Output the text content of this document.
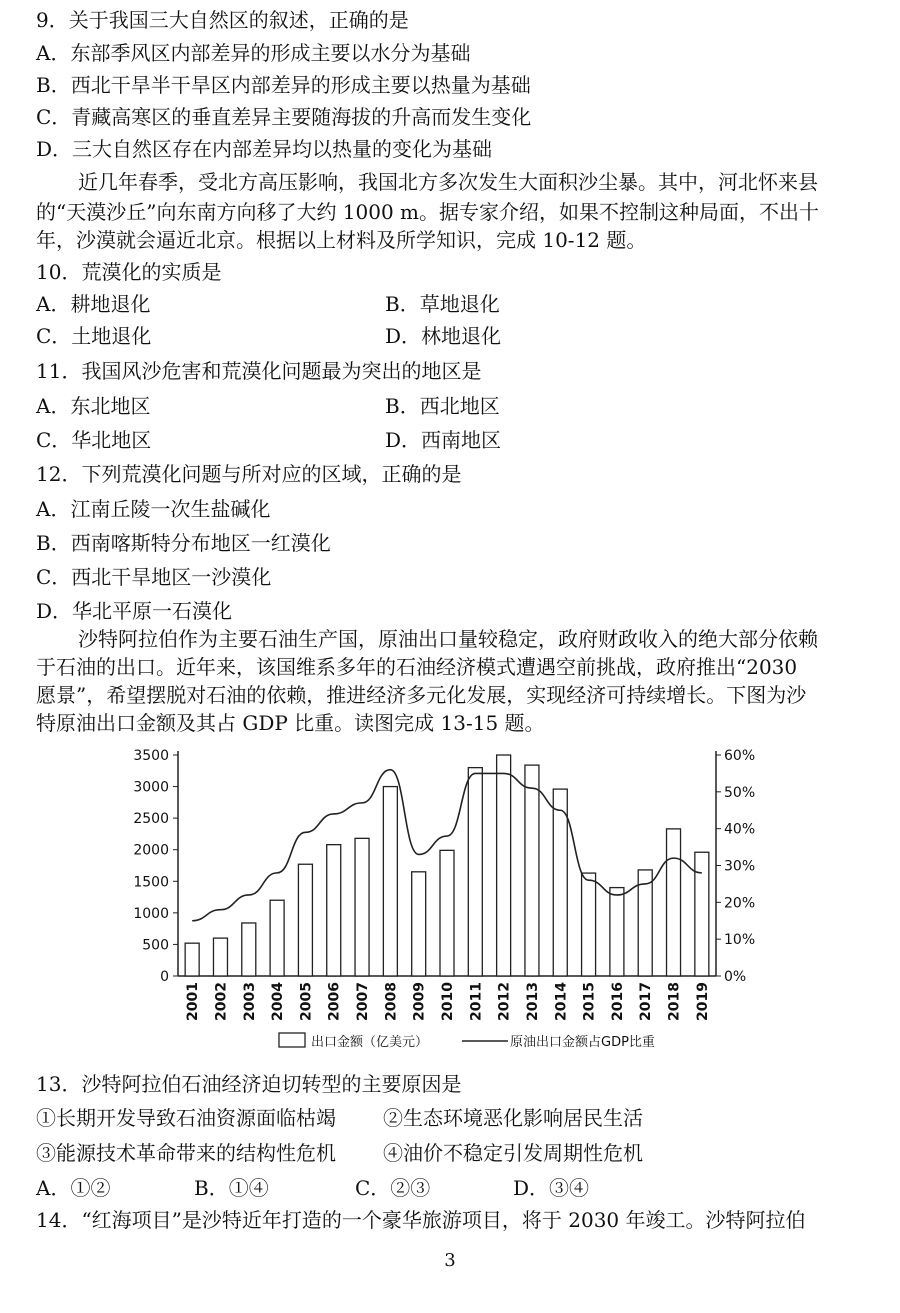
9．关于我国三大自然区的叙述，正确的是
A．东部季风区内部差异的形成主要以水分为基础
B．西北干旱半干旱区内部差异的形成主要以热量为基础
C．青藏高寒区的垂直差异主要随海拔的升高而发生变化
D．三大自然区存在内部差异均以热量的变化为基础
近几年春季，受北方高压影响，我国北方多次发生大面积沙尘暴。其中，河北怀来县
的“天漠沙丘”向东南方向移了大约 1000 m。据专家介绍，如果不控制这种局面，不出十
年，沙漠就会逼近北京。根据以上材料及所学知识，完成 10-12 题。
10．荒漠化的实质是
A．耕地退化	B．草地退化
C．土地退化	D．林地退化
11．我国风沙危害和荒漠化问题最为突出的地区是
A．东北地区	B．西北地区
C．华北地区	D．西南地区
12．下列荒漠化问题与所对应的区域，正确的是
A．江南丘陵一次生盐碱化
B．西南喀斯特分布地区一红漠化
C．西北干旱地区一沙漠化
D．华北平原一石漠化
沙特阿拉伯作为主要石油生产国，原油出口量较稳定，政府财政收入的绝大部分依赖
于石油的出口。近年来，该国维系多年的石油经济模式遭遇空前挑战，政府推出“2030
愿景”，希望摆脱对石油的依赖，推进经济多元化发展，实现经济可持续增长。下图为沙
特原油出口金额及其占 GDP 比重。读图完成 13-15 题。
0
500
1000
1500
2000
2500
3000
3500
0%
10%
20%
30%
40%
50%
60%
2001 2002 2003 2004 2005 2006 2007 2008 2009 2010 2011 2012 2013 2014 2015 2016 2017 2018 2019
出口金额（亿美元）	原油出口金额占GDP比重
13．沙特阿拉伯石油经济迫切转型的主要原因是
①长期开发导致石油资源面临枯竭 ②生态环境恶化影响居民生活
③能源技术革命带来的结构性危机 ④油价不稳定引发周期性危机
A．①②	B．①④	C．②③	D．③④
14．“红海项目”是沙特近年打造的一个豪华旅游项目，将于 2030 年竣工。沙特阿拉伯
3
